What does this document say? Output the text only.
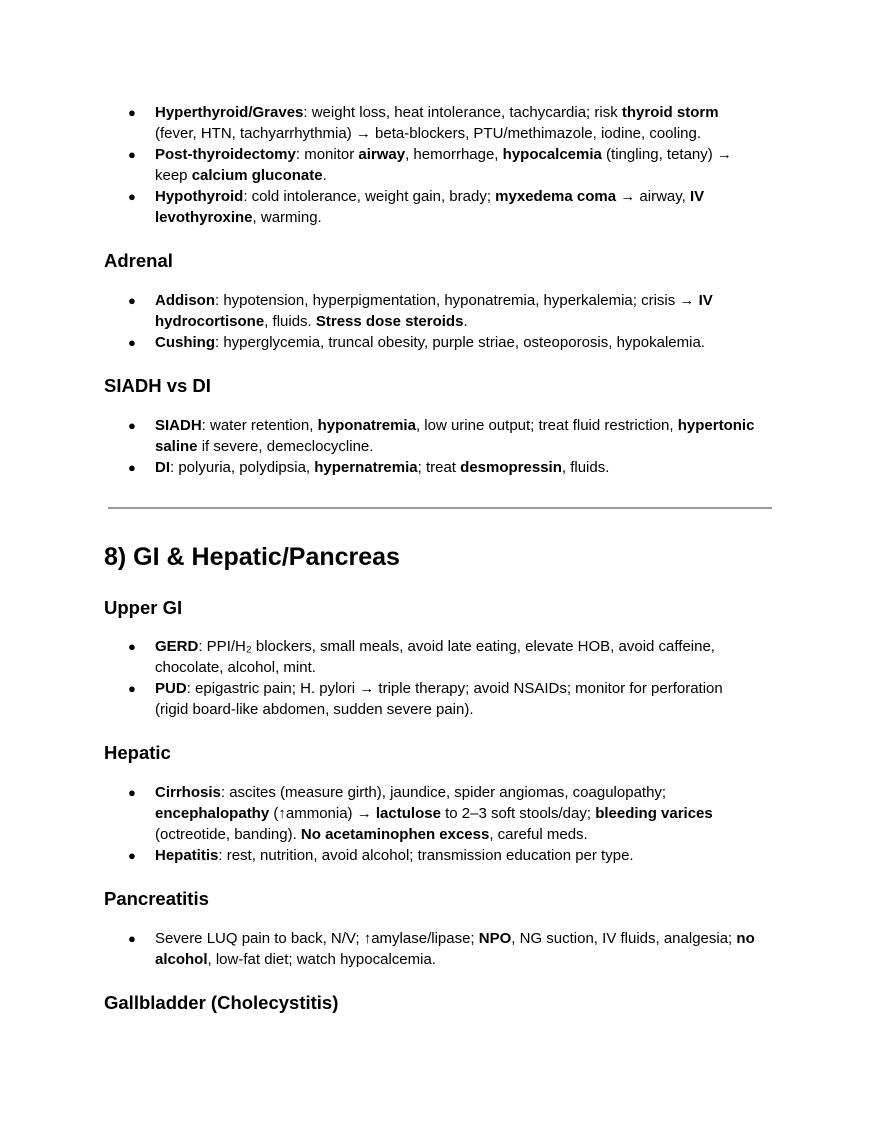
● Hyperthyroid/Graves: weight loss, heat intolerance, tachycardia; risk thyroid storm (fever, HTN, tachyarrhythmia) → beta‑blockers, PTU/methimazole, iodine, cooling.
● Post‑thyroidectomy: monitor airway, hemorrhage, hypocalcemia (tingling, tetany) → keep calcium gluconate.
● Hypothyroid: cold intolerance, weight gain, brady; myxedema coma → airway, IV levothyroxine, warming.
Adrenal
● Addison: hypotension, hyperpigmentation, hyponatremia, hyperkalemia; crisis → IV hydrocortisone, fluids. Stress dose steroids.
● Cushing: hyperglycemia, truncal obesity, purple striae, osteoporosis, hypokalemia.
SIADH vs DI
● SIADH: water retention, hyponatremia, low urine output; treat fluid restriction, hypertonic saline if severe, demeclocycline.
● DI: polyuria, polydipsia, hypernatremia; treat desmopressin, fluids.
8) GI & Hepatic/Pancreas
Upper GI
● GERD: PPI/H₂ blockers, small meals, avoid late eating, elevate HOB, avoid caffeine, chocolate, alcohol, mint.
● PUD: epigastric pain; H. pylori → triple therapy; avoid NSAIDs; monitor for perforation (rigid board‑like abdomen, sudden severe pain).
Hepatic
● Cirrhosis: ascites (measure girth), jaundice, spider angiomas, coagulopathy; encephalopathy (↑ammonia) → lactulose to 2–3 soft stools/day; bleeding varices (octreotide, banding). No acetaminophen excess, careful meds.
● Hepatitis: rest, nutrition, avoid alcohol; transmission education per type.
Pancreatitis
● Severe LUQ pain to back, N/V; ↑amylase/lipase; NPO, NG suction, IV fluids, analgesia; no alcohol, low‑fat diet; watch hypocalcemia.
Gallbladder (Cholecystitis)
